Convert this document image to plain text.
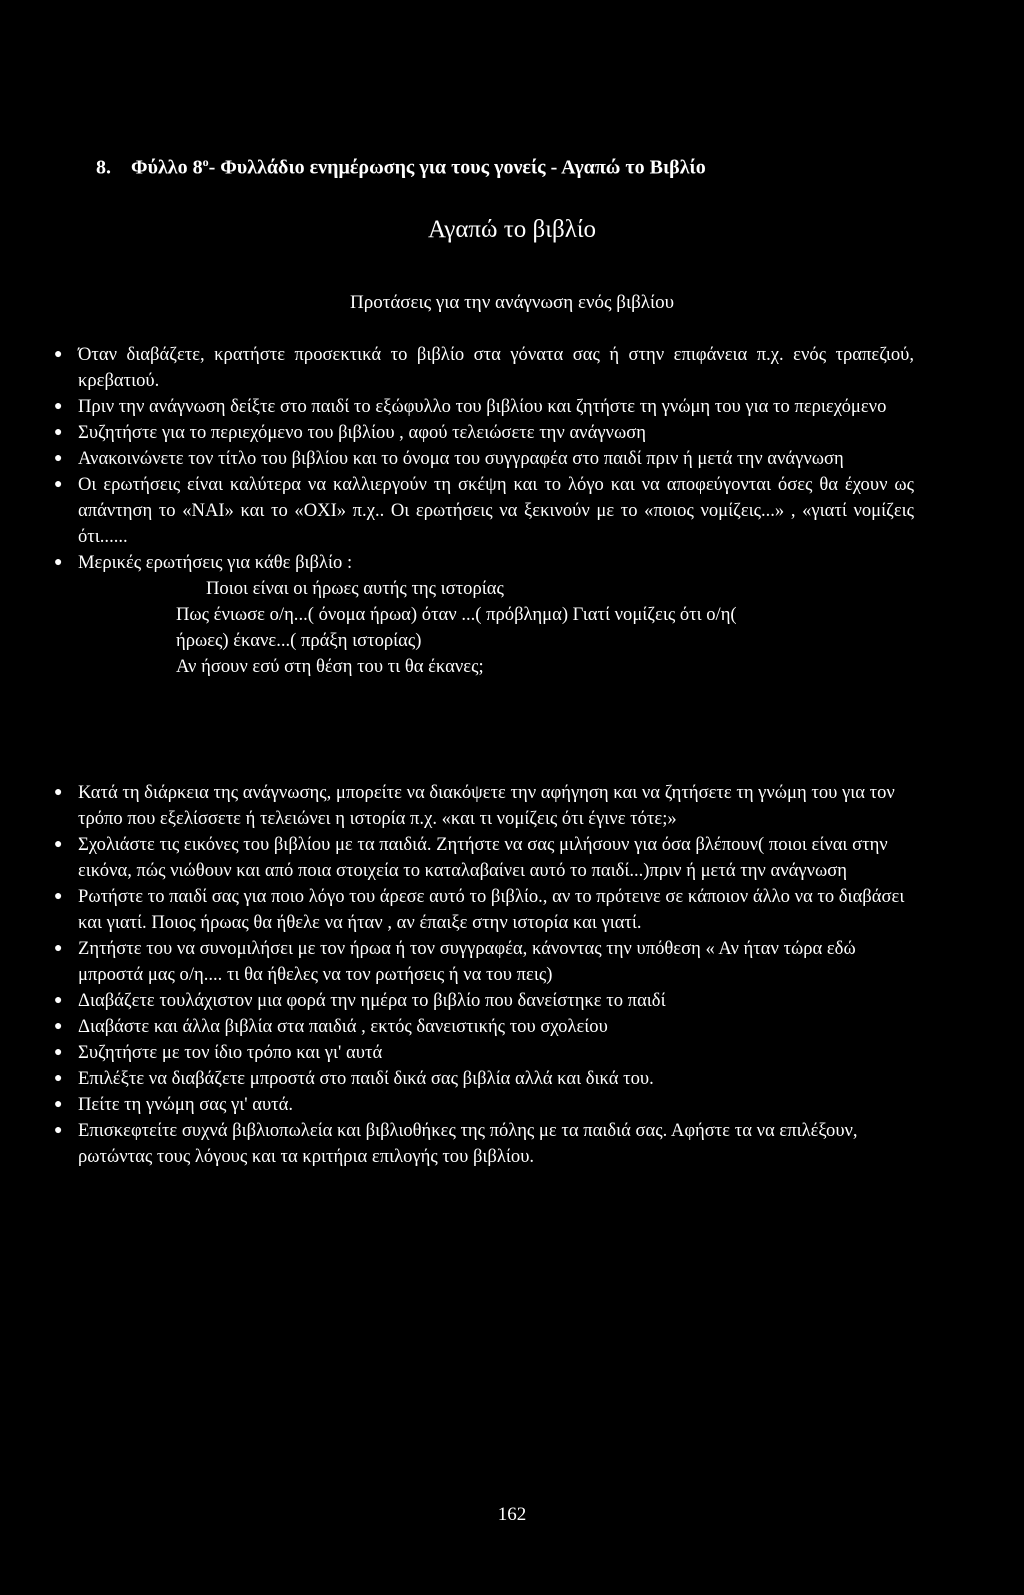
8. Φύλλο $8^o-$ Φυλλάδιο ενημέρωσης για τους γονείς - Αγαπώ το Βιβλίο
Αγαπώ το βιβλίο
Προτάσεις για την ανάγνωση ενός βιβλίου
● Όταν διαβάζετε, κρατήστε προσεκτικά το βιβλίο στα γόνατα σας ή στην επιφάνεια π.χ. ενός τραπεζιού, κρεβατιού.
● Πριν την ανάγνωση δείξτε στο παιδί το εξώφυλλο του βιβλίου και ζητήστε τη γνώμη του για το περιεχόμενο
● Συζητήστε για το περιεχόμενο του βιβλίου , αφού τελειώσετε την ανάγνωση
● Ανακοινώνετε τον τίτλο του βιβλίου και το όνομα του συγγραφέα στο παιδί πριν ή μετά την ανάγνωση
● Οι ερωτήσεις είναι καλύτερα να καλλιεργούν τη σκέψη και το λόγο και να αποφεύγονται όσες θα έχουν ως απάντηση το «ΝΑΙ» και το «ΟΧΙ» π.χ.. Οι ερωτήσεις να ξεκινούν με το «ποιος νομίζεις...» , «γιατί νομίζεις ότι......
● Μερικές ερωτήσεις για κάθε βιβλίο :
Ποιοι είναι οι ήρωες αυτής της ιστορίας
Πως ένιωσε ο/η...( όνομα ήρωα) όταν ...( πρόβλημα) Γιατί νομίζεις ότι ο/η(
ήρωες) έκανε...( πράξη ιστορίας)
Αν ήσουν εσύ στη θέση του τι θα έκανες;
● Κατά τη διάρκεια της ανάγνωσης, μπορείτε να διακόψετε την αφήγηση και να ζητήσετε τη γνώμη του για τον τρόπο που εξελίσσετε ή τελειώνει η ιστορία π.χ. «και τι νομίζεις ότι έγινε τότε;»
● Σχολιάστε τις εικόνες του βιβλίου με τα παιδιά. Ζητήστε να σας μιλήσουν για όσα βλέπουν( ποιοι είναι στην εικόνα, πώς νιώθουν και από ποια στοιχεία το καταλαβαίνει αυτό το παιδί...)πριν ή μετά την ανάγνωση
● Ρωτήστε το παιδί σας για ποιο λόγο του άρεσε αυτό το βιβλίο., αν το πρότεινε σε κάποιον άλλο να το διαβάσει και γιατί. Ποιος ήρωας θα ήθελε να ήταν , αν έπαιξε στην ιστορία και γιατί.
● Ζητήστε του να συνομιλήσει με τον ήρωα ή τον συγγραφέα, κάνοντας την υπόθεση « Αν ήταν τώρα εδώ μπροστά μας ο/η.... τι θα ήθελες να τον ρωτήσεις ή να του πεις)
● Διαβάζετε τουλάχιστον μια φορά την ημέρα το βιβλίο που δανείστηκε το παιδί
● Διαβάστε και άλλα βιβλία στα παιδιά , εκτός δανειστικής του σχολείου
● Συζητήστε με τον ίδιο τρόπο και γι' αυτά
● Επιλέξτε να διαβάζετε μπροστά στο παιδί δικά σας βιβλία αλλά και δικά του.
● Πείτε τη γνώμη σας γι' αυτά.
● Επισκεφτείτε συχνά βιβλιοπωλεία και βιβλιοθήκες της πόλης με τα παιδιά σας. Αφήστε τα να επιλέξουν, ρωτώντας τους λόγους και τα κριτήρια επιλογής του βιβλίου.
162
